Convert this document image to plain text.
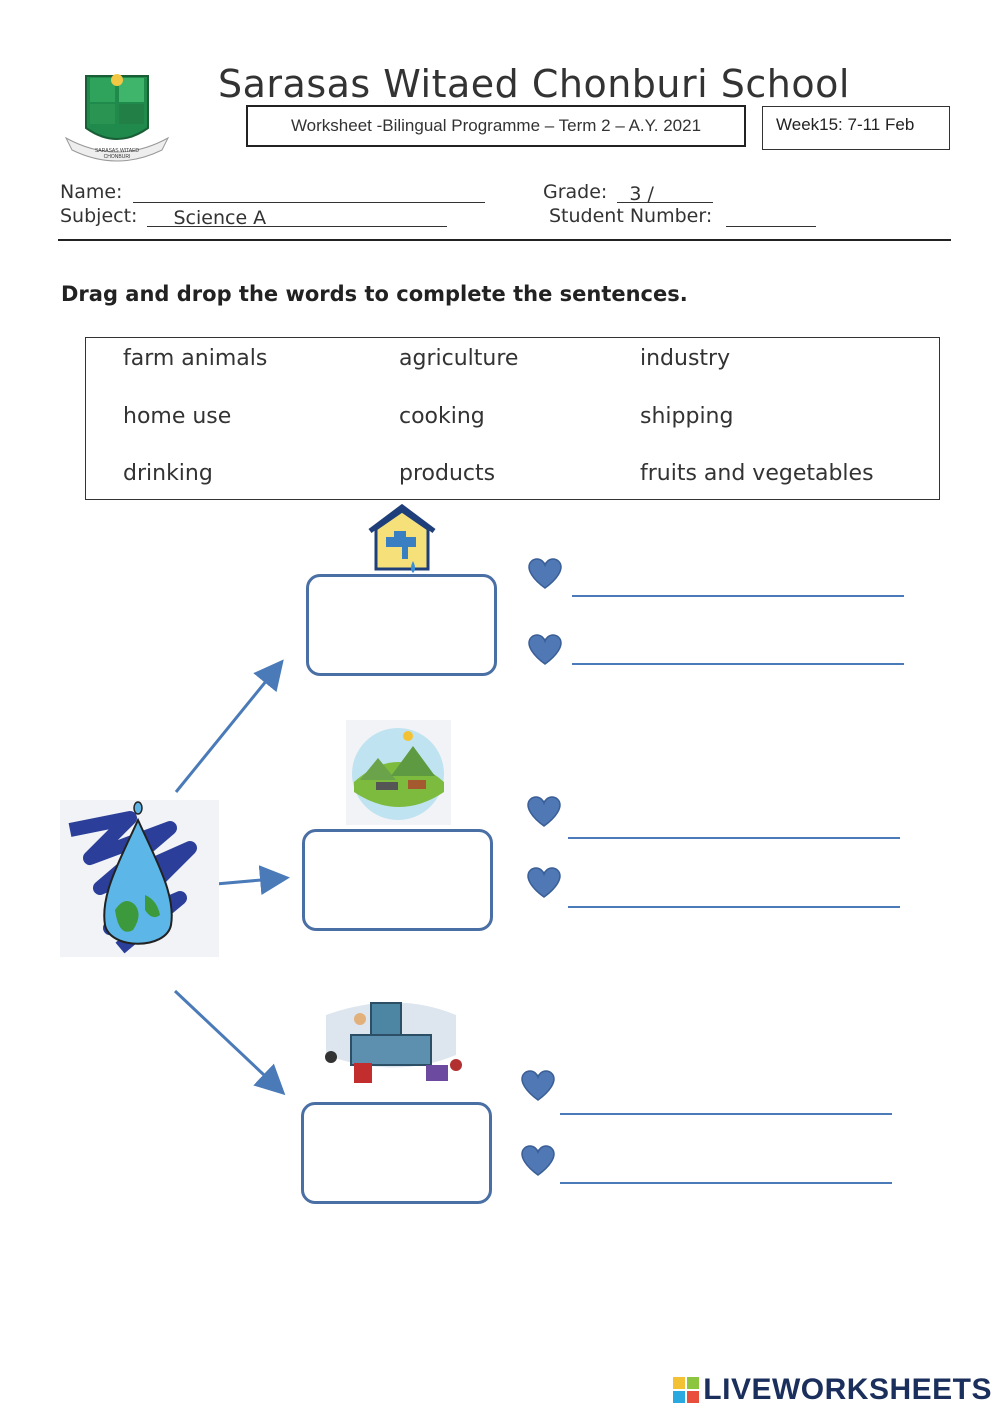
SARASAS WITAED CHONBURI
Sarasas Witaed Chonburi School
Worksheet -Bilingual Programme – Term 2 – A.Y. 2021	Week15: 7-11 Feb
Name:	Grade: 3 /
Subject: Science A	Student Number:
Drag and drop the words to complete the sentences.
farm animals	agriculture	industry
home use	cooking	shipping
drinking	products	fruits and vegetables
LIVEWORKSHEETS
